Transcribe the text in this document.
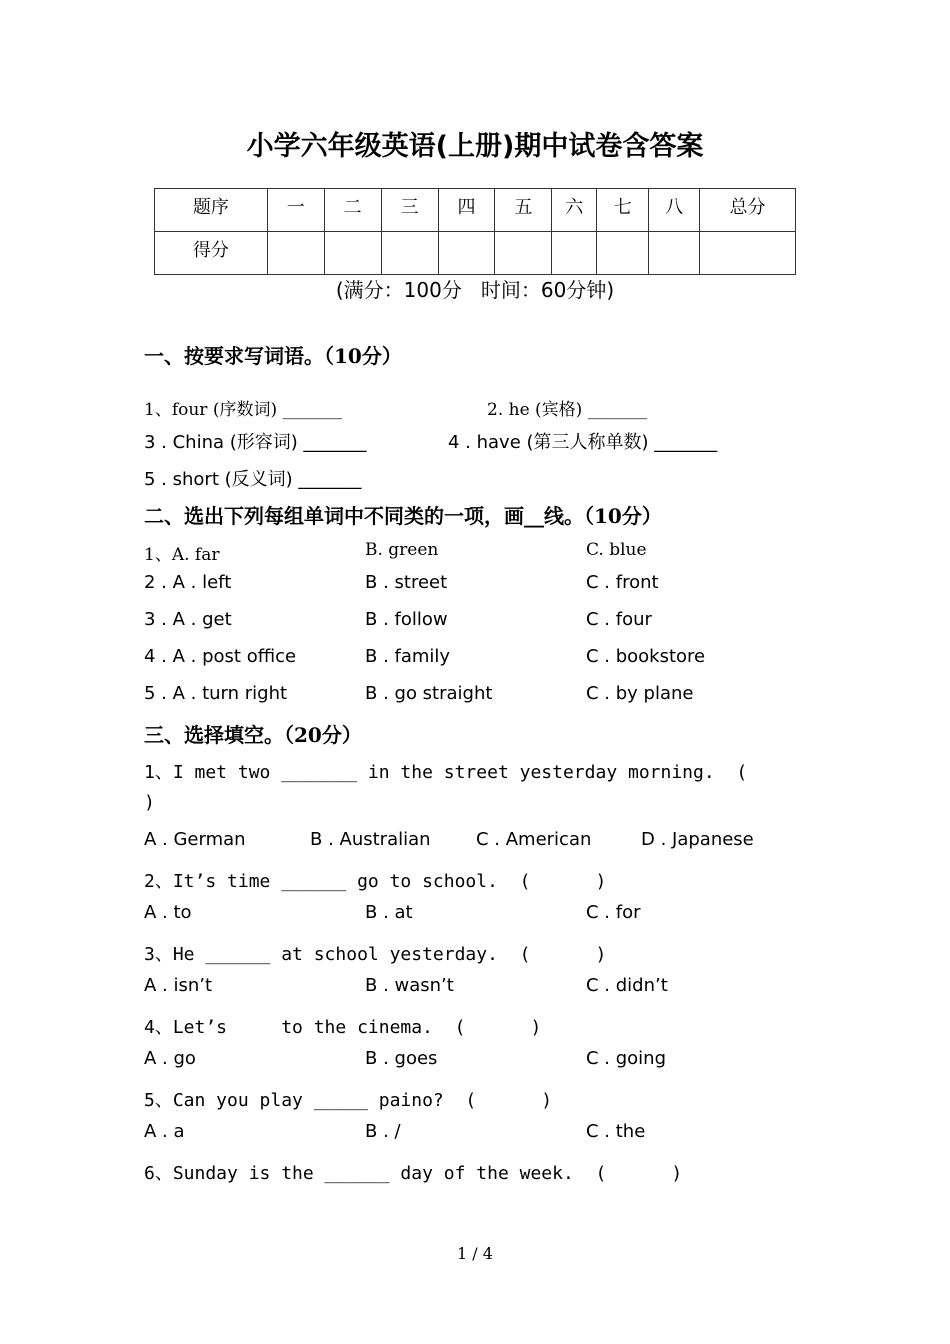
小学六年级英语(上册)期中试卷含答案
题序	一	二	三	四	五	六	七	八	总分
得分									
(满分：100分   时间：60分钟)
一、按要求写词语。（10分）
1、four (序数词) _______	2. he (宾格) _______
3 . China (形容词) _______	4 . have (第三人称单数) _______
5 . short (反义词) _______
二、选出下列每组单词中不同类的一项，画__线。（10分）
1、A. far	B. green	C. blue
2 . A . left	B . street	C . front
3 . A . get	B . follow	C . four
4 . A . post office	B . family	C . bookstore
5 . A . turn right	B . go straight	C . by plane
三、选择填空。（20分）
1、I met two _______ in the street yesterday morning.  (
)
A . German	B . Australian	C . American	D . Japanese
2、It’s time ______ go to school.  (      )
A . to	B . at	C . for
3、He ______ at school yesterday.  (      )
A . isn’t	B . wasn’t	C . didn’t
4、Let’s     to the cinema.  (      )
A . go	B . goes	C . going
5、Can you play _____ paino?  (      )
A . a	B . /	C . the
6、Sunday is the ______ day of the week.  (      )
1 / 4
